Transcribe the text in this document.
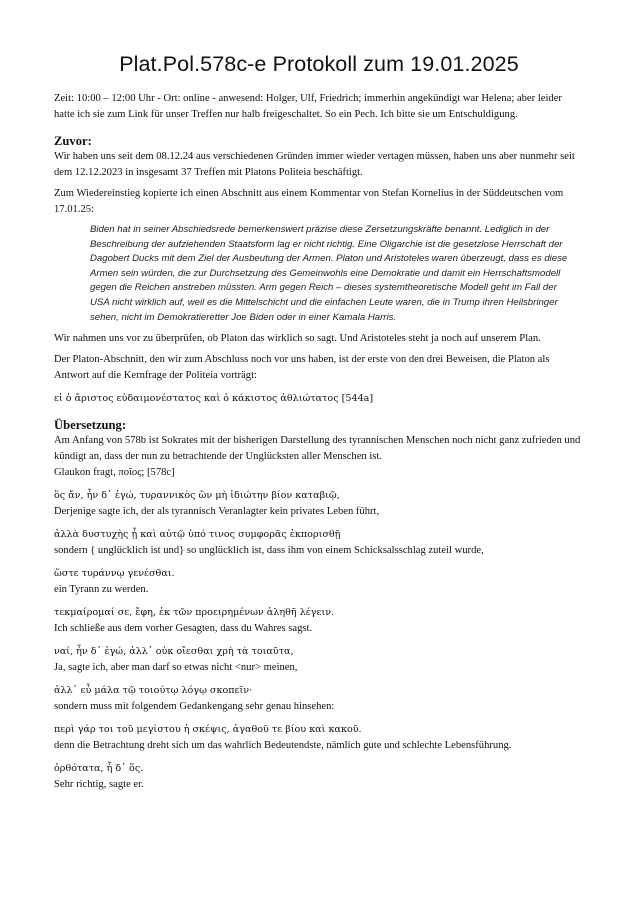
Plat.Pol.578c-e Protokoll zum 19.01.2025

Zeit: 10:00 – 12:00 Uhr - Ort: online - anwesend: Holger, Ulf, Friedrich; immerhin angekündigt war Helena; aber leider hatte ich sie zum Link für unser Treffen nur halb freigeschaltet. So ein Pech. Ich bitte sie um Entschuldigung.

Zuvor:

Wir haben uns seit dem 08.12.24 aus verschiedenen Gründen immer wieder vertagen müssen, haben uns aber nunmehr seit dem 12.12.2023 in insgesamt 37 Treffen mit Platons Politeia beschäftigt.

Zum Wiedereinstieg kopierte ich einen Abschnitt aus einem Kommentar von Stefan Kornelius in der Süddeutschen vom 17.01.25:

Biden hat in seiner Abschiedsrede bemerkenswert präzise diese Zersetzungskräfte benannt. Lediglich in der Beschreibung der aufziehenden Staatsform lag er nicht richtig. Eine Oligarchie ist die gesetzlose Herrschaft der Dagobert Ducks mit dem Ziel der Ausbeutung der Armen. Platon und Aristoteles waren überzeugt, dass es diese Armen sein würden, die zur Durchsetzung des Gemeinwohls eine Demokratie und damit ein Herrschaftsmodell gegen die Reichen anstreben müssten. Arm gegen Reich – dieses systemtheoretische Modell geht im Fall der USA nicht wirklich auf, weil es die Mittelschicht und die einfachen Leute waren, die in Trump ihren Heilsbringer sehen, nicht im Demokratieretter Joe Biden oder in einer Kamala Harris.

Wir nahmen uns vor zu überprüfen, ob Platon das wirklich so sagt. Und Aristoteles steht ja noch auf unserem Plan.

Der Platon-Abschnitt, den wir zum Abschluss noch vor uns haben, ist der erste von den drei Beweisen, die Platon als Antwort auf die Kernfrage der Politeia vorträgt:

εἰ ὁ ἄριστος εὐδαιμονέστατος καὶ ὁ κάκιστος ἀθλιώτατος [544a]

Übersetzung:

Am Anfang von 578b ist Sokrates mit der bisherigen Darstellung des tyrannischen Menschen noch nicht ganz zufrieden und kündigt an, dass der nun zu betrachtende der Unglücksten aller Menschen ist.

Glaukon fragt, ποῖος; [578c]

ὃς ἄν, ἦν δ᾽ ἐγώ, τυραννικὸς ὢν μὴ ἰδιώτην βίον καταβιῷ,
Derjenige sagte ich, der als tyrannisch Veranlagter kein privates Leben führt,
ἀλλὰ δυστυχὴς ᾖ καὶ αὐτῷ ὑπό τινος συμφορᾶς ἐκπορισθῇ
sondern { unglücklich ist und} so unglücklich ist, dass ihm von einem Schicksalsschlag zuteil wurde,
ὥστε τυράννῳ γενέσθαι.
ein Tyrann zu werden.
τεκμαίρομαί σε, ἔφη, ἐκ τῶν προειρημένων ἀληθῆ λέγειν.
Ich schließe aus dem vorher Gesagten, dass du Wahres sagst.
ναί, ἦν δ᾽ ἐγώ, ἀλλ᾽ οὐκ οἴεσθαι χρὴ τὰ τοιαῦτα,
Ja, sagte ich, aber man darf so etwas nicht <nur> meinen,
ἀλλ᾽ εὖ μάλα τῷ τοιούτῳ λόγῳ σκοπεῖν·
sondern muss mit folgendem Gedankengang sehr genau hinsehen:
περὶ γάρ τοι τοῦ μεγίστου ἡ σκέψις, ἀγαθοῦ τε βίου καὶ κακοῦ.
denn die Betrachtung dreht sich um das wahrlich Bedeutendste, nämlich gute und schlechte Lebensführung.
ὀρθότατα, ἦ δ᾽ ὅς.
Sehr richtig, sagte er.
